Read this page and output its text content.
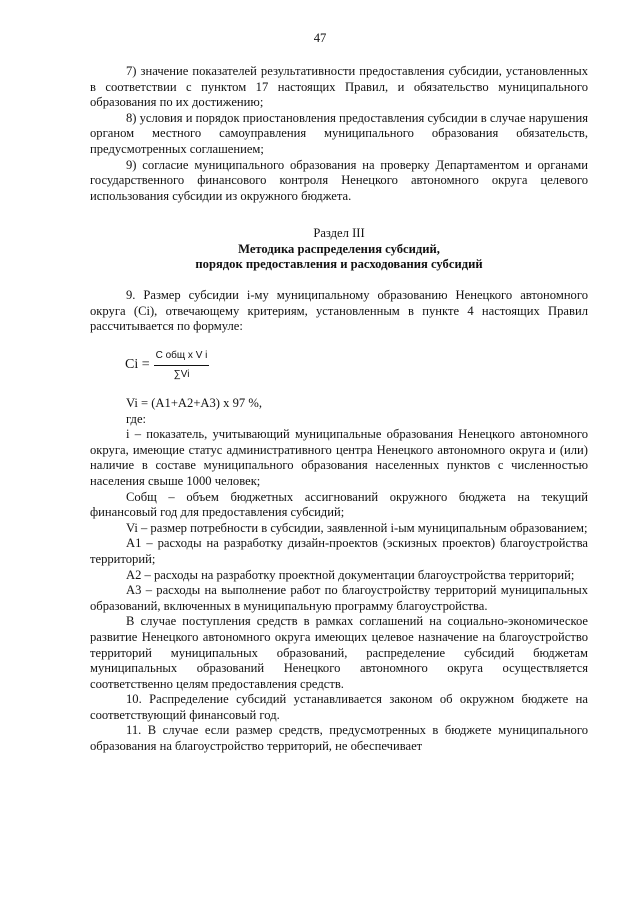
47

7) значение показателей результативности предоставления субсидии, установленных в соответствии с пунктом 17 настоящих Правил, и обязательство муниципального образования по их достижению;

8) условия и порядок приостановления предоставления субсидии в случае нарушения органом местного самоуправления муниципального образования обязательств, предусмотренных соглашением;

9) согласие муниципального образования на проверку Департаментом и органами государственного финансового контроля Ненецкого автономного округа целевого использования субсидии из окружного бюджета.

Раздел III

Методика распределения субсидий,

порядок предоставления и расходования субсидий

9. Размер субсидии i-му муниципальному образованию Ненецкого автономного округа (Ci), отвечающему критериям, установленным в пункте 4 настоящих Правил рассчитывается по формуле:

$Ci = \frac{\text{С общ x V i}}{\sum Vi}$

Vi = (A1+A2+A3) x 97 %,

где:

i – показатель, учитывающий муниципальные образования Ненецкого автономного округа, имеющие статус административного центра Ненецкого автономного округа и (или) наличие в составе муниципального образования населенных пунктов с численностью населения свыше 1000 человек;

Cобщ – объем бюджетных ассигнований окружного бюджета на текущий финансовый год для предоставления субсидий;

Vi – размер потребности в субсидии, заявленной i-ым муниципальным образованием;

A1 – расходы на разработку дизайн-проектов (эскизных проектов) благоустройства территорий;

A2 – расходы на разработку проектной документации благоустройства территорий;

A3 – расходы на выполнение работ по благоустройству территорий муниципальных образований, включенных в муниципальную программу благоустройства.

В случае поступления средств в рамках соглашений на социально-экономическое развитие Ненецкого автономного округа имеющих целевое назначение на благоустройство территорий муниципальных образований, распределение субсидий бюджетам муниципальных образований Ненецкого автономного округа осуществляется соответственно целям предоставления средств.

10. Распределение субсидий устанавливается законом об окружном бюджете на соответствующий финансовый год.

11. В случае если размер средств, предусмотренных в бюджете муниципального образования на благоустройство территорий, не обеспечивает
